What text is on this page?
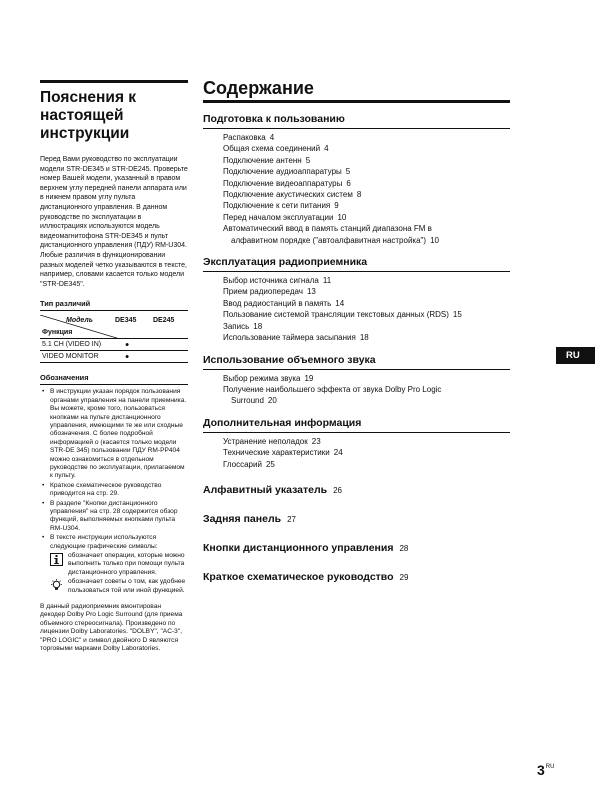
Пояснения к
настоящей
инструкции

Перед Вами руководство по эксплуатации модели STR-DE345 и STR-DE245. Проверьте номер Вашей модели, указанный в правом верхнем углу передней панели аппарата или в нижнем правом углу пульта дистанционного управления. В данном руководстве по эксплуатации в иллюстрациях используются модель видеомагнитофона STR-DE345 и пульт дистанционного управления (ПДУ) RM-U304. Любые различия в функционировании разных моделей четко указываются в тексте, например, словами касается только модели "STR-DE345".

Тип различий
Модель
Функция
DE345 DE245
5.1 CH (VIDEO IN)	●
VIDEO MONITOR	●
Обозначения
• В инструкции указан порядок пользования органами управления на панели приемника. Вы можете, кроме того, пользоваться кнопками на пульте дистанционного управления, имеющими те же или сходные обозначения. С более подробной информацией о (касается только модели STR-DE 345) пользовании ПДУ RM-PP404 можно ознакомиться в отдельном руководстве по эксплуатации, прилагаемом к пульту.
• Краткое схематическое руководство приводится на стр. 29.
• В разделе "Кнопки дистанционного управления" на стр. 28 содержится обзор функций, выполняемых кнопками пульта RM-U304.
• В тексте инструкции используются следующие графические символы:
обозначает операции, которые можно выполнить только при помощи пульта дистанционного управления.
обозначает советы о том, как удобнее пользоваться той или иной функцией.

В данный радиоприемник вмонтирован декодер Dolby Pro Logic Surround (для приема объемного стереосигнала). Произведено по лицензии Dolby Laboratories. "DOLBY", "AC-3", "PRO LOGIC" и символ двойного D являются торговыми марками Dolby Laboratories.

Содержание
Подготовка к пользованию
Распаковка 4
Общая схема соединений 4
Подключение антенн 5
Подключение аудиоаппаратуры 5
Подключение видеоаппаратуры 6
Подключение акустических систем 8
Подключение к сети питания 9
Перед началом эксплуатации 10
Автоматический ввод в память станций диапазона FM в
алфавитном порядке ("автоалфавитная настройка") 10
Эксплуатация радиоприемника
Выбор источника сигнала 11
Прием радиопередач 13
Ввод радиостанций в память 14
Пользование системой трансляции текстовых данных (RDS) 15
Запись 18
Использование таймера засыпания 18
Использование объемного звука
Выбор режима звука 19
Получение наибольшего эффекта от звука Dolby Pro Logic
Surround 20
Дополнительная информация
Устранение неполадок 23
Технические характеристики 24
Глоссарий 25
Алфавитный указатель 26
Задняя панель 27
Кнопки дистанционного управления 28
Краткое схематическое руководство 29
RU
$3^{RU}$
